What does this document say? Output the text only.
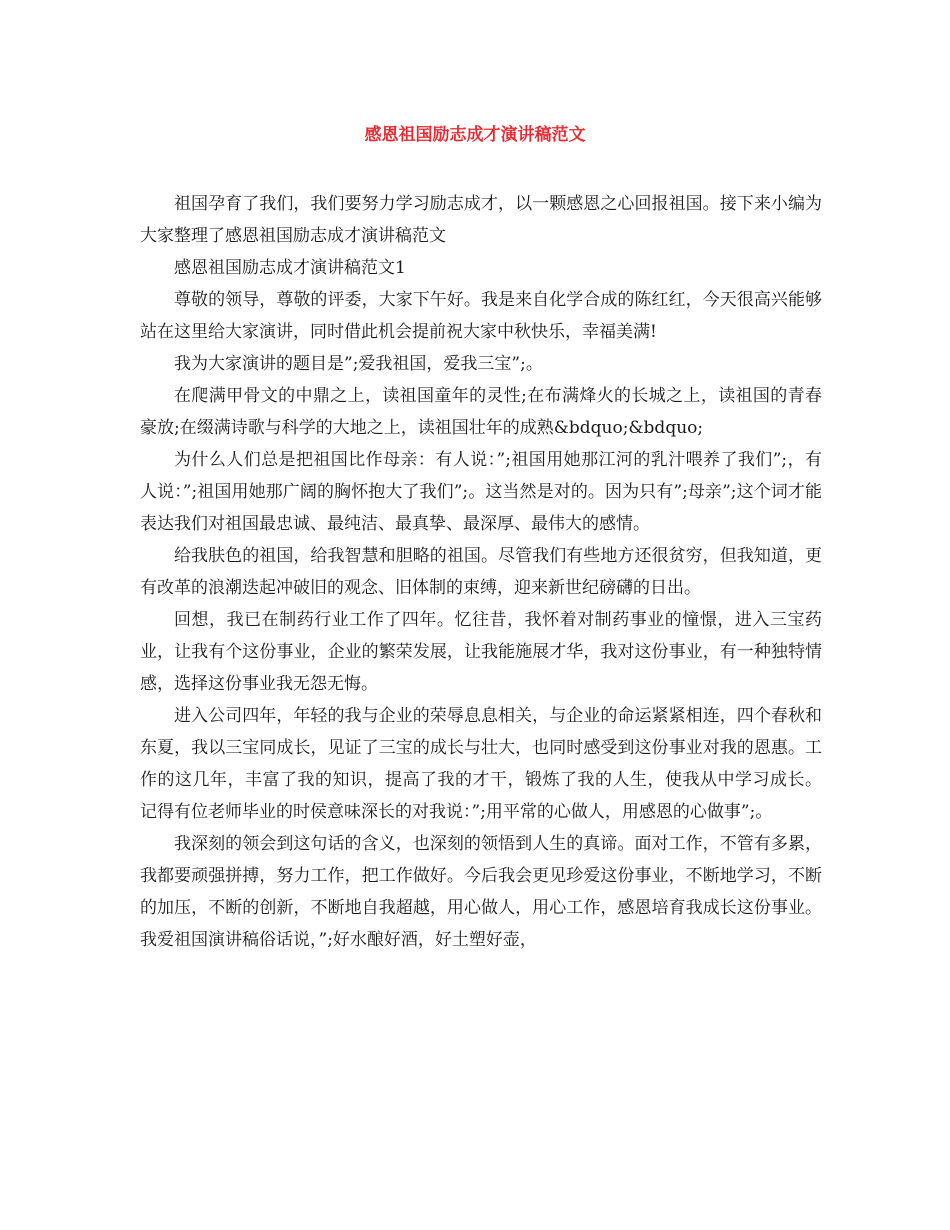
感恩祖国励志成才演讲稿范文

祖国孕育了我们，我们要努力学习励志成才，以一颗感恩之心回报祖国。接下来小编为大家整理了感恩祖国励志成才演讲稿范文

感恩祖国励志成才演讲稿范文1

尊敬的领导，尊敬的评委，大家下午好。我是来自化学合成的陈红红，今天很高兴能够站在这里给大家演讲，同时借此机会提前祝大家中秋快乐，幸福美满!

我为大家演讲的题目是”;爱我祖国，爱我三宝”;。

在爬满甲骨文的中鼎之上，读祖国童年的灵性;在布满烽火的长城之上，读祖国的青春豪放;在缀满诗歌与科学的大地之上，读祖国壮年的成熟&bdquo;&bdquo;

为什么人们总是把祖国比作母亲：有人说：”;祖国用她那江河的乳汁喂养了我们”;，有人说：”;祖国用她那广阔的胸怀抱大了我们”;。这当然是对的。因为只有”;母亲”;这个词才能表达我们对祖国最忠诚、最纯洁、最真挚、最深厚、最伟大的感情。

给我肤色的祖国，给我智慧和胆略的祖国。尽管我们有些地方还很贫穷，但我知道，更有改革的浪潮迭起冲破旧的观念、旧体制的束缚，迎来新世纪磅礴的日出。

回想，我已在制药行业工作了四年。忆往昔，我怀着对制药事业的憧憬，进入三宝药业，让我有个这份事业，企业的繁荣发展，让我能施展才华，我对这份事业，有一种独特情感，选择这份事业我无怨无悔。

进入公司四年，年轻的我与企业的荣辱息息相关，与企业的命运紧紧相连，四个春秋和东夏，我以三宝同成长，见证了三宝的成长与壮大，也同时感受到这份事业对我的恩惠。工作的这几年，丰富了我的知识，提高了我的才干，锻炼了我的人生，使我从中学习成长。 记得有位老师毕业的时侯意味深长的对我说：”;用平常的心做人，用感恩的心做事”;。

我深刻的领会到这句话的含义，也深刻的领悟到人生的真谛。面对工作，不管有多累，我都要顽强拼搏，努力工作，把工作做好。今后我会更见珍爱这份事业，不断地学习，不断的加压，不断的创新，不断地自我超越，用心做人，用心工作，感恩培育我成长这份事业。我爱祖国演讲稿俗话说，”;好水酿好酒，好土塑好壶，
